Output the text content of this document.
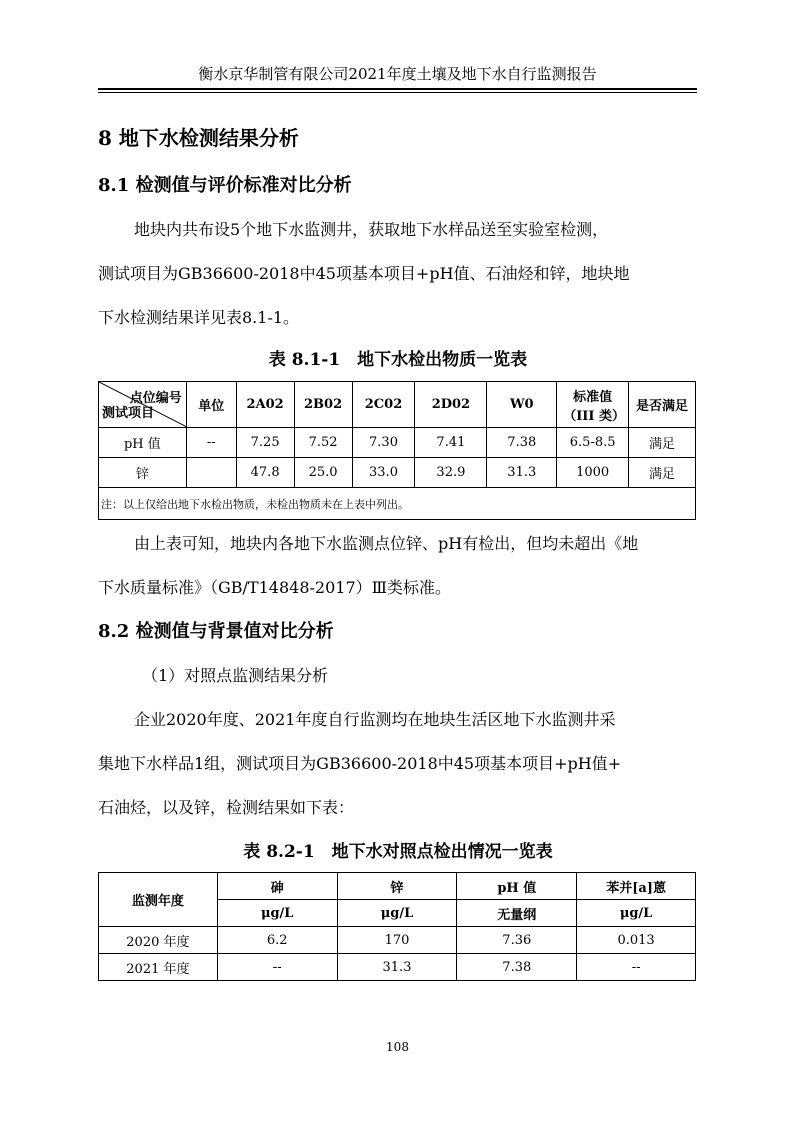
衡水京华制管有限公司2021年度土壤及地下水自行监测报告
8 地下水检测结果分析
8.1 检测值与评价标准对比分析
地块内共布设5个地下水监测井，获取地下水样品送至实验室检测，
测试项目为GB36600-2018中45项基本项目+pH值、石油烃和锌，地块地
下水检测结果详见表8.1-1。
表 8.1-1　地下水检出物质一览表
点位编号
测试项目	单位	2A02	2B02	2C02	2D02	W0	标准值（III 类）	是否满足
pH 值	--	7.25	7.52	7.30	7.41	7.38	6.5-8.5	满足
锌		47.8	25.0	33.0	32.9	31.3	1000	满足
注：以上仅给出地下水检出物质，未检出物质未在上表中列出。								
由上表可知，地块内各地下水监测点位锌、pH有检出，但均未超出《地
下水质量标准》（GB/T14848-2017）Ⅲ类标准。
8.2 检测值与背景值对比分析
（1）对照点监测结果分析
企业2020年度、2021年度自行监测均在地块生活区地下水监测井采
集地下水样品1组，测试项目为GB36600-2018中45项基本项目+pH值+
石油烃，以及锌，检测结果如下表：
表 8.2-1　地下水对照点检出情况一览表
监测年度	砷	锌	pH 值	苯并[a]蒽
	μg/L	μg/L	无量纲	μg/L
2020 年度	6.2	170	7.36	0.013
2021 年度	--	31.3	7.38	--
108
